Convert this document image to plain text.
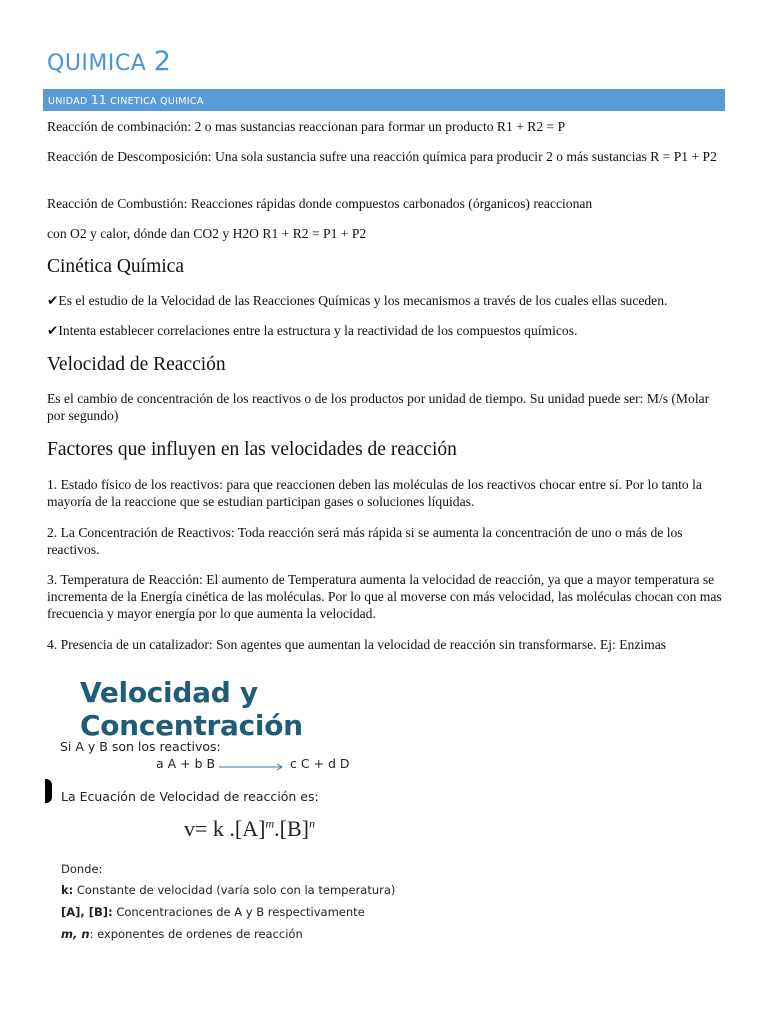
QUIMICA 2
UNIDAD 11 CINETICA QUIMICA

Reacción de combinación: 2 o mas sustancias reaccionan para formar un producto R1 + R2 = P

Reacción de Descomposición: Una sola sustancia sufre una reacción química para producir 2 o más sustancias R = P1 + P2

Reacción de Combustión: Reacciones rápidas donde compuestos carbonados (órganicos) reaccionan

con O2 y calor, dónde dan CO2 y H2O R1 + R2 = P1 + P2

Cinética Química

✔Es el estudio de la Velocidad de las Reacciones Químicas y los mecanismos a través de los cuales ellas suceden.

✔Intenta establecer correlaciones entre la estructura y la reactividad de los compuestos químicos.

Velocidad de Reacción

Es el cambio de concentración de los reactivos o de los productos por unidad de tiempo. Su unidad puede ser: M/s (Molar por segundo)

Factores que influyen en las velocidades de reacción

1. Estado físico de los reactivos: para que reaccionen deben las moléculas de los reactivos chocar entre sí. Por lo tanto la mayoría de la reaccione que se estudian participan gases o soluciones líquidas.

2. La Concentración de Reactivos: Toda reacción será más rápida si se aumenta la concentración de uno o más de los reactivos.

3. Temperatura de Reacción: El aumento de Temperatura aumenta la velocidad de reacción, ya que a mayor temperatura se incrementa de la Energía cinética de las moléculas. Por lo que al moverse con más velocidad, las moléculas chocan con mas frecuencia y mayor energía por lo que aumenta la velocidad.

4. Presencia de un catalizador: Son agentes que aumentan la velocidad de reacción sin transformarse. Ej: Enzimas

Velocidad y Concentración

Si A y B son los reactivos:

a A + b B	c C + d D

La Ecuación de Velocidad de reacción es:

v= k $.[A]^m.[B]^n$

Donde:

k: Constante de velocidad (varía solo con la temperatura)

[A], [B]: Concentraciones de A y B respectivamente

m, n: exponentes de ordenes de reacción
